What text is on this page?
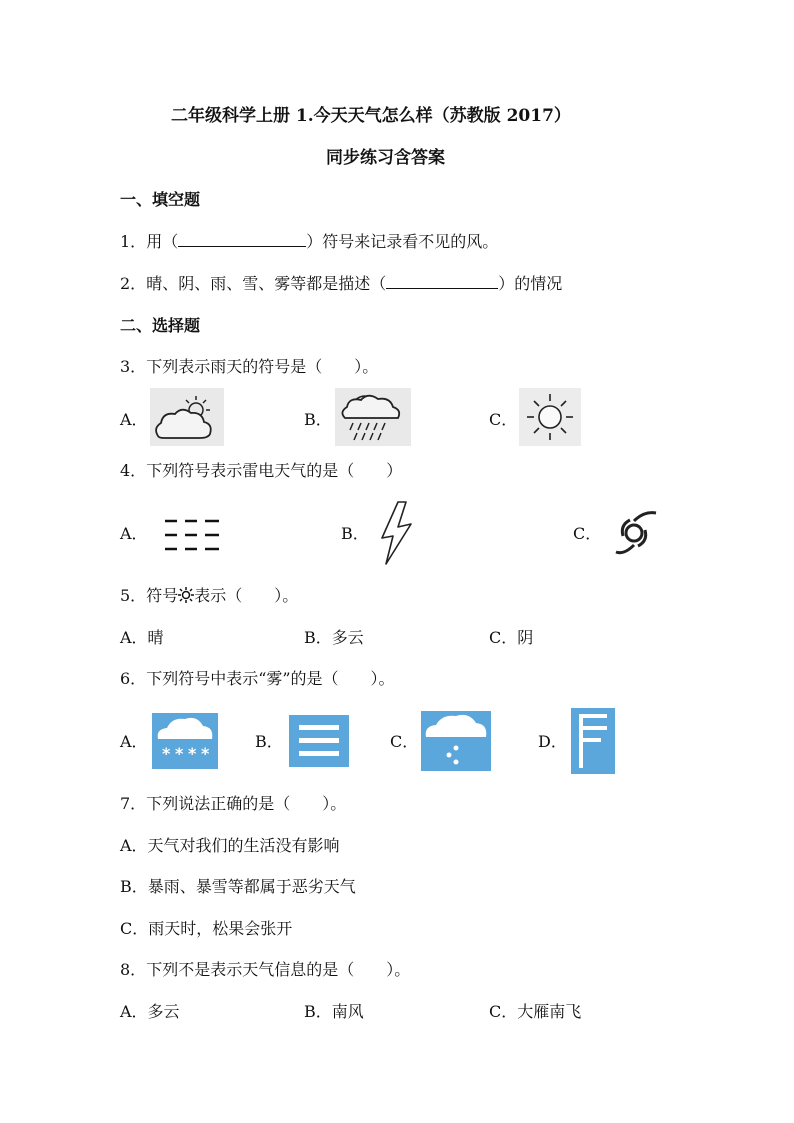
二年级科学上册 1.今天天气怎么样（苏教版 2017）
同步练习含答案
一、填空题
1．用（	）符号来记录看不见的风。
2．晴、阴、雨、雪、雾等都是描述（	）的情况
二、选择题
3．下列表示雨天的符号是（　　）。
A．	B．	C．
4．下列符号表示雷电天气的是（　　）
A．	B．	C．
5．符号 表示（　　）。
A．晴	B．多云	C．阴
6．下列符号中表示“雾”的是（　　）。
A．
* * * *
B．	C．	D．
7．下列说法正确的是（　　）。
A．天气对我们的生活没有影响
B．暴雨、暴雪等都属于恶劣天气
C．雨天时，松果会张开
8．下列不是表示天气信息的是（　　）。
A．多云	B．南风	C．大雁南飞
